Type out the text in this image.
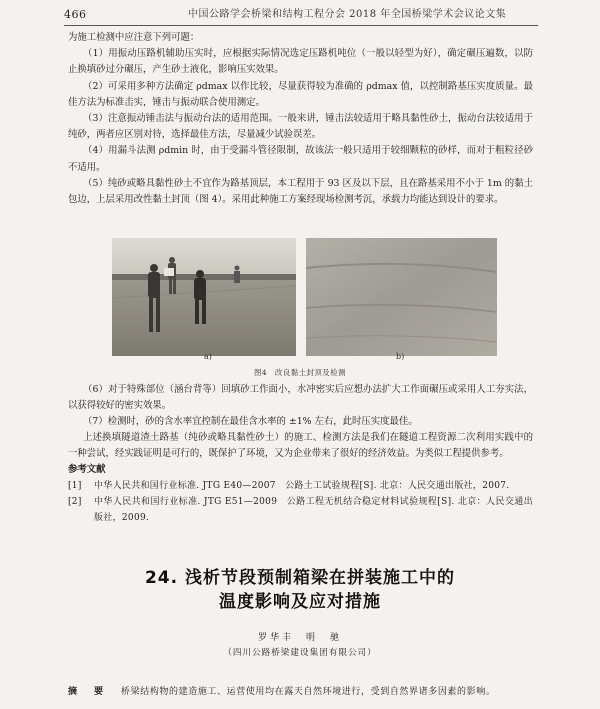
466	中国公路学会桥梁和结构工程分会 2018 年全国桥梁学术会议论文集

为施工检测中应注意下列可题：

（1）用振动压路机辅助压实时，应根据实际情况选定压路机吨位（一般以轻型为好），确定碾压遍数，以防止换填砂过分碾压，产生砂土液化，影响压实效果。

（2）可采用多种方法确定 ρdmax 以作比较，尽量获得较为准确的 ρdmax 值，以控制路基压实度质量。最佳方法为标准击实，锤击与振动联合使用测定。

（3）注意振动锤击法与振动台法的适用范围。一般来讲，锤击法较适用于略具黏性砂土，振动台法较适用于纯砂，两者应区别对待，选择最佳方法，尽量减少试验误差。

（4）用漏斗法测 ρdmin 时，由于受漏斗管径限制，故该法一般只适用于较细颗粒的砂样，而对于粗粒径砂不适用。

（5）纯砂或略具黏性砂土不宜作为路基顶层，本工程用于 93 区及以下层，且在路基采用不小于 1m 的黏土包边，上层采用改性黏土封顶（图 4）。采用此种施工方案经现场检测考沉，承载力均能达到设计的要求。

a)	b)
图4　改良黏土封顶及检测

（6）对于特殊部位（涵台背等）回填砂工作面小，水冲密实后应想办法扩大工作面碾压或采用人工夯实法，以获得较好的密实效果。

（7）检测时，砂的含水率宜控制在最佳含水率的 ±1% 左右，此时压实度最佳。

上述换填隧道渣土路基（纯砂或略具黏性砂土）的施工、检测方法是我们在隧道工程资源二次利用实践中的一种尝试，经实践证明是可行的，既保护了环境，又为企业带来了很好的经济效益。为类似工程提供参考。

参考文献

[1] 中华人民共和国行业标准. JTG E40—2007　公路土工试验规程[S]. 北京：人民交通出版社，2007.

[2] 中华人民共和国行业标准. JTG E51—2009　公路工程无机结合稳定材料试验规程[S]. 北京：人民交通出版社，2009.

24. 浅析节段预制箱梁在拼装施工中的
温度影响及应对措施
罗华丰　明　驰
（四川公路桥梁建设集团有限公司）
摘　要 桥梁结构物的建造施工、运营使用均在露天自然环境进行，受到自然界诸多因素的影响。
